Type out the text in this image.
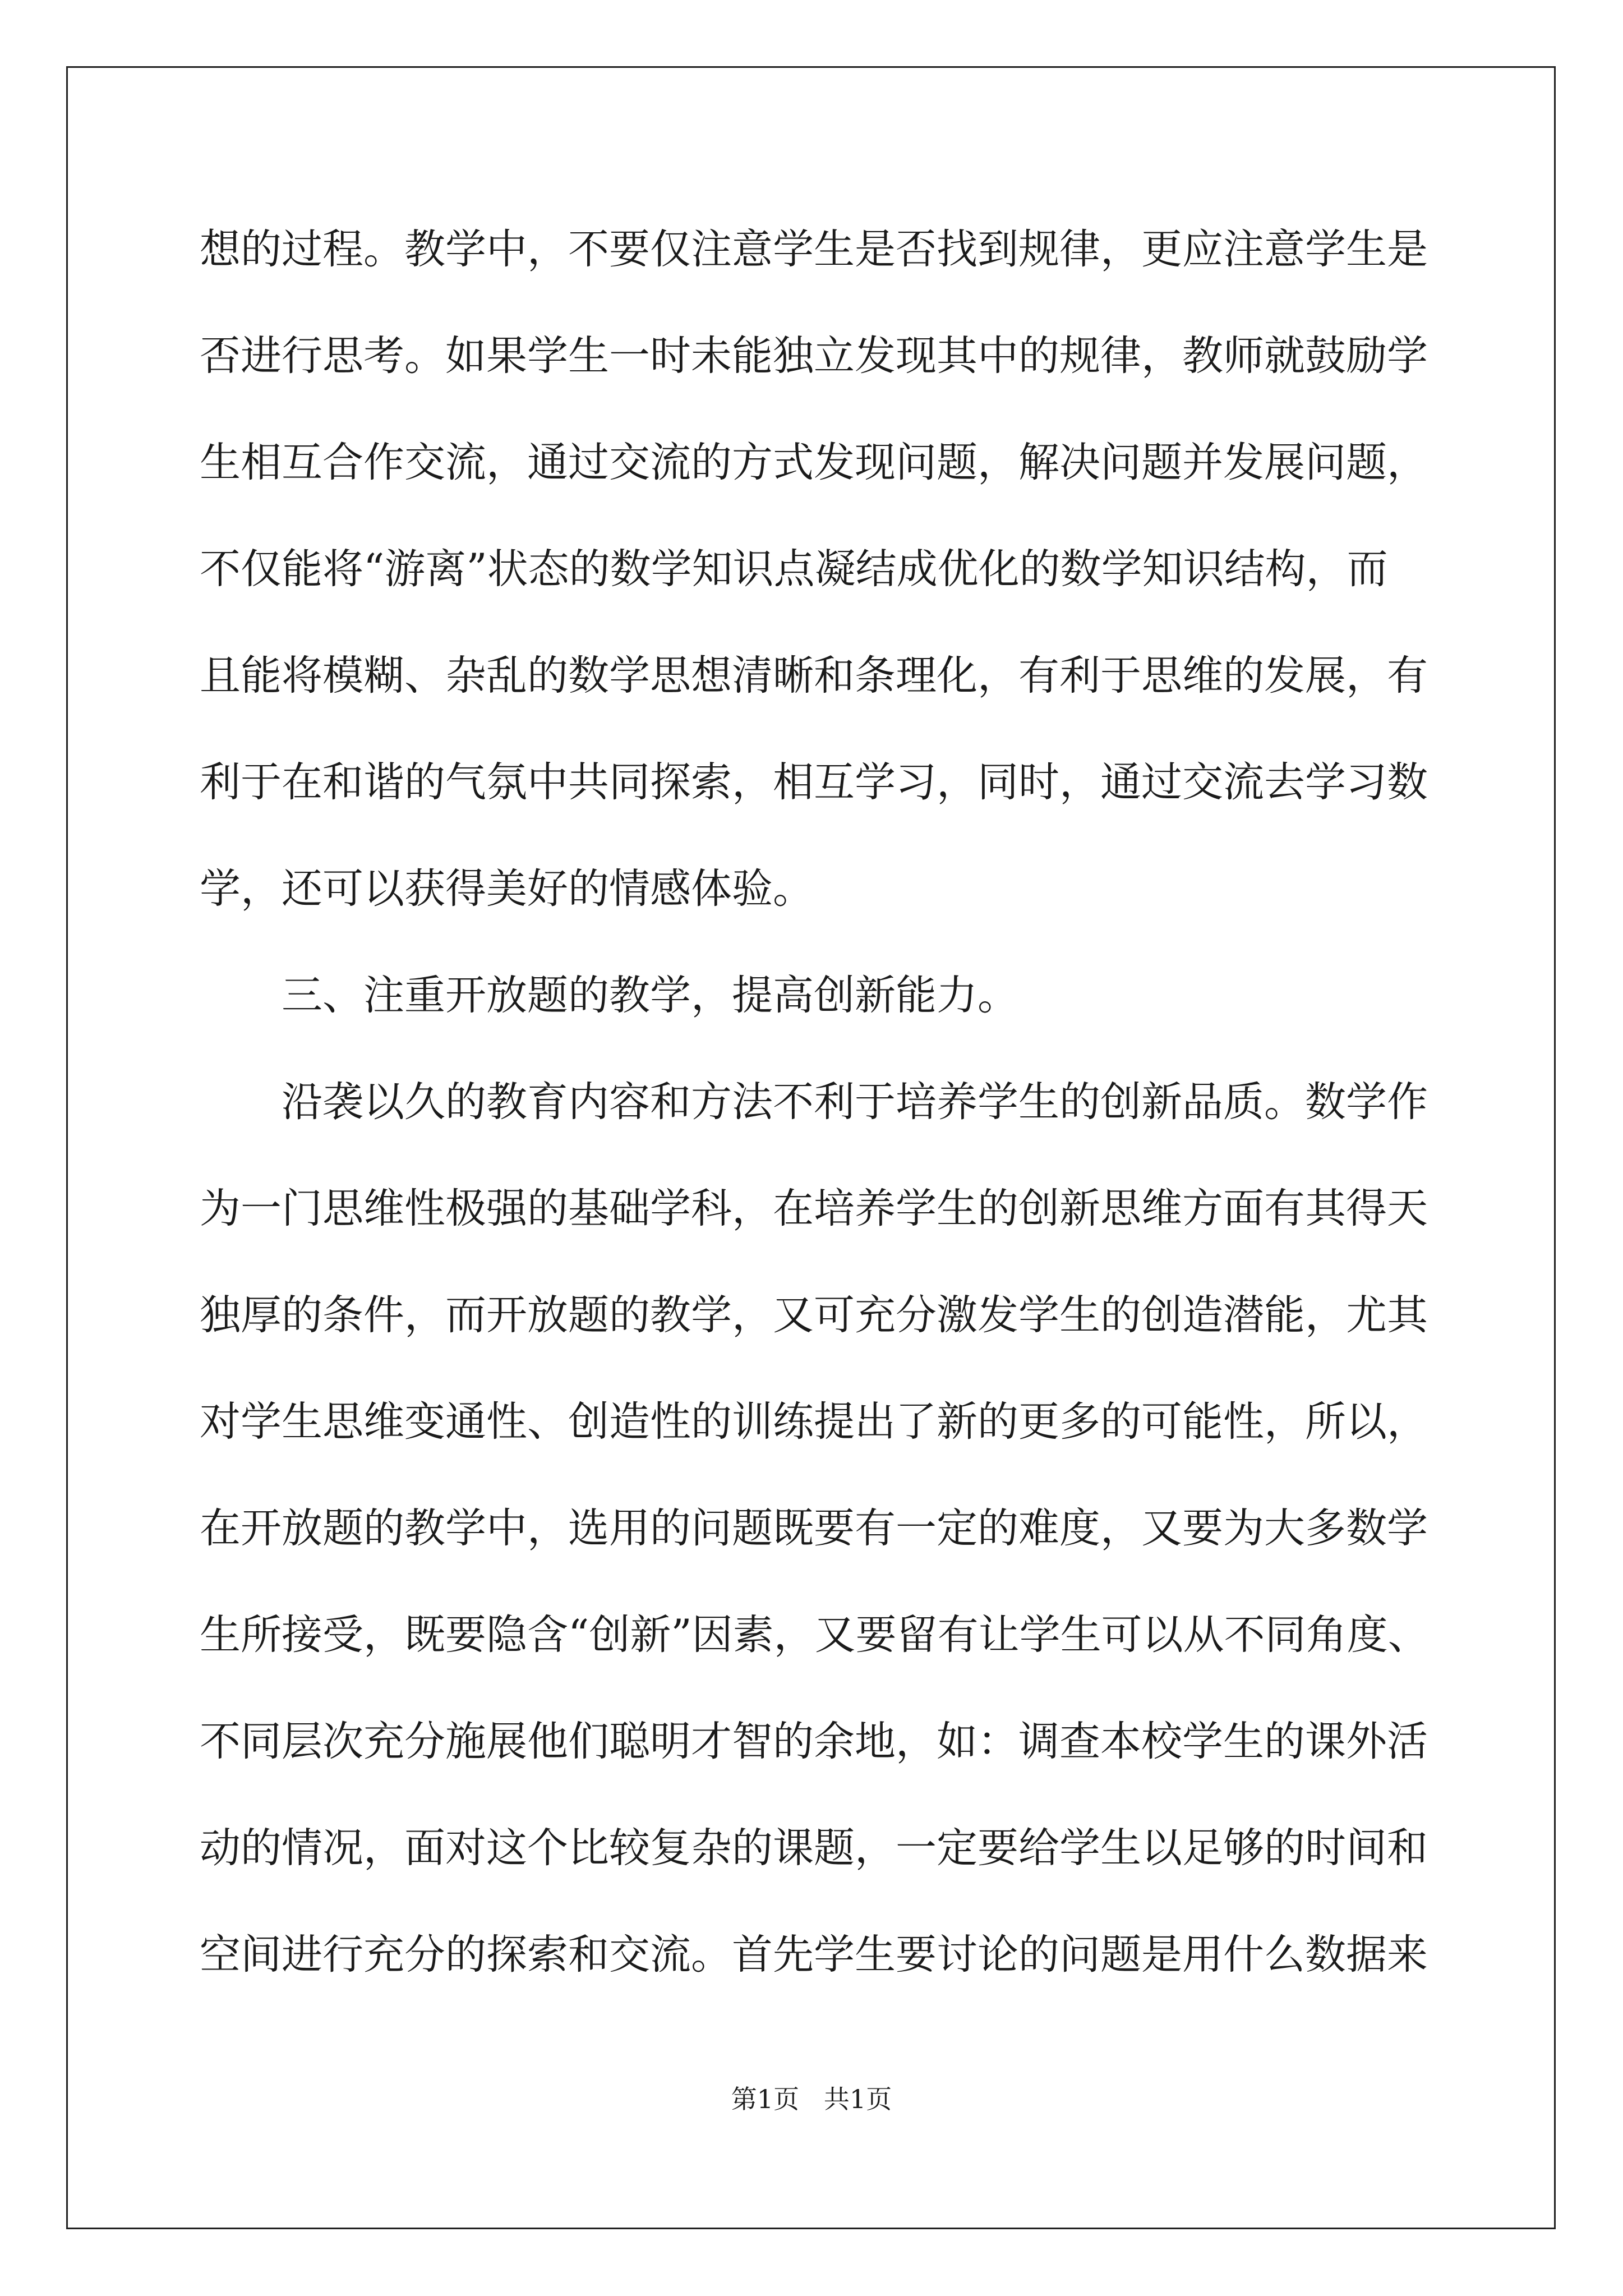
想的过程。教学中，不要仅注意学生是否找到规律，更应注意学生是
否进行思考。如果学生一时未能独立发现其中的规律，教师就鼓励学
生相互合作交流，通过交流的方式发现问题，解决问题并发展问题，
不仅能将“游离”状态的数学知识点凝结成优化的数学知识结构，而
且能将模糊、杂乱的数学思想清晰和条理化，有利于思维的发展，有
利于在和谐的气氛中共同探索，相互学习，同时，通过交流去学习数
学，还可以获得美好的情感体验。
三、注重开放题的教学，提高创新能力。
沿袭以久的教育内容和方法不利于培养学生的创新品质。数学作
为一门思维性极强的基础学科，在培养学生的创新思维方面有其得天
独厚的条件，而开放题的教学，又可充分激发学生的创造潜能，尤其
对学生思维变通性、创造性的训练提出了新的更多的可能性，所以，
在开放题的教学中，选用的问题既要有一定的难度，又要为大多数学
生所接受，既要隐含“创新”因素，又要留有让学生可以从不同角度、
不同层次充分施展他们聪明才智的余地，如：调查本校学生的课外活
动的情况，面对这个比较复杂的课题，一定要给学生以足够的时间和
空间进行充分的探索和交流。首先学生要讨论的问题是用什么数据来
第1页   共1页
